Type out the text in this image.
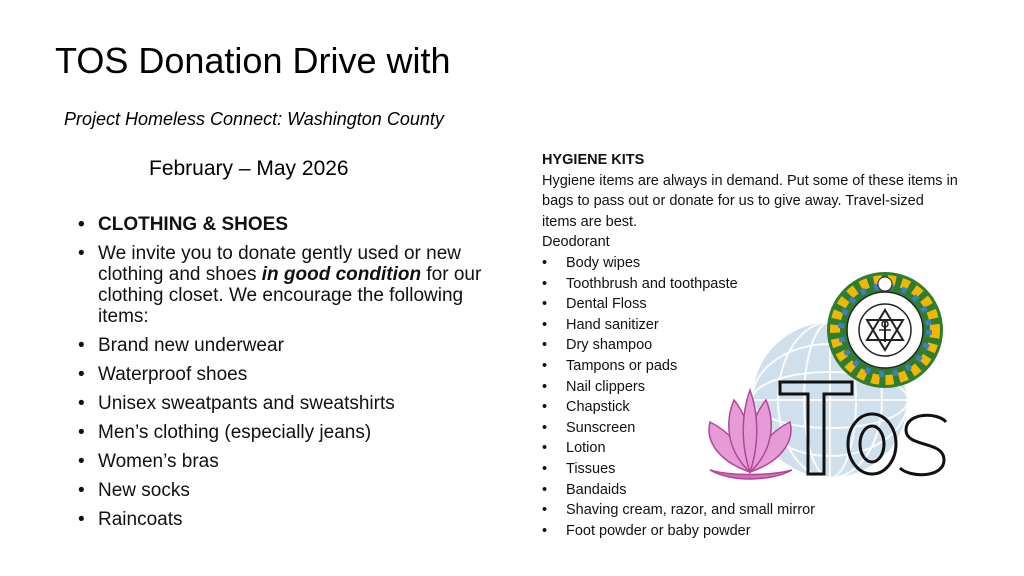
TOS Donation Drive with
Project Homeless Connect: Washington County
February – May 2026
• CLOTHING & SHOES
• We invite you to donate gently used or new clothing and shoes in good condition for our clothing closet. We encourage the following items:
• Brand new underwear
• Waterproof shoes
• Unisex sweatpants and sweatshirts
• Men’s clothing (especially jeans)
• Women’s bras
• New socks
• Raincoats
HYGIENE KITS
Hygiene items are always in demand. Put some of these items in bags to pass out or donate for us to give away. Travel-sized items are best.
Deodorant
• Body wipes
• Toothbrush and toothpaste
• Dental Floss
• Hand sanitizer
• Dry shampoo
• Tampons or pads
• Nail clippers
• Chapstick
• Sunscreen
• Lotion
• Tissues
• Bandaids
• Shaving cream, razor, and small mirror
• Foot powder or baby powder
